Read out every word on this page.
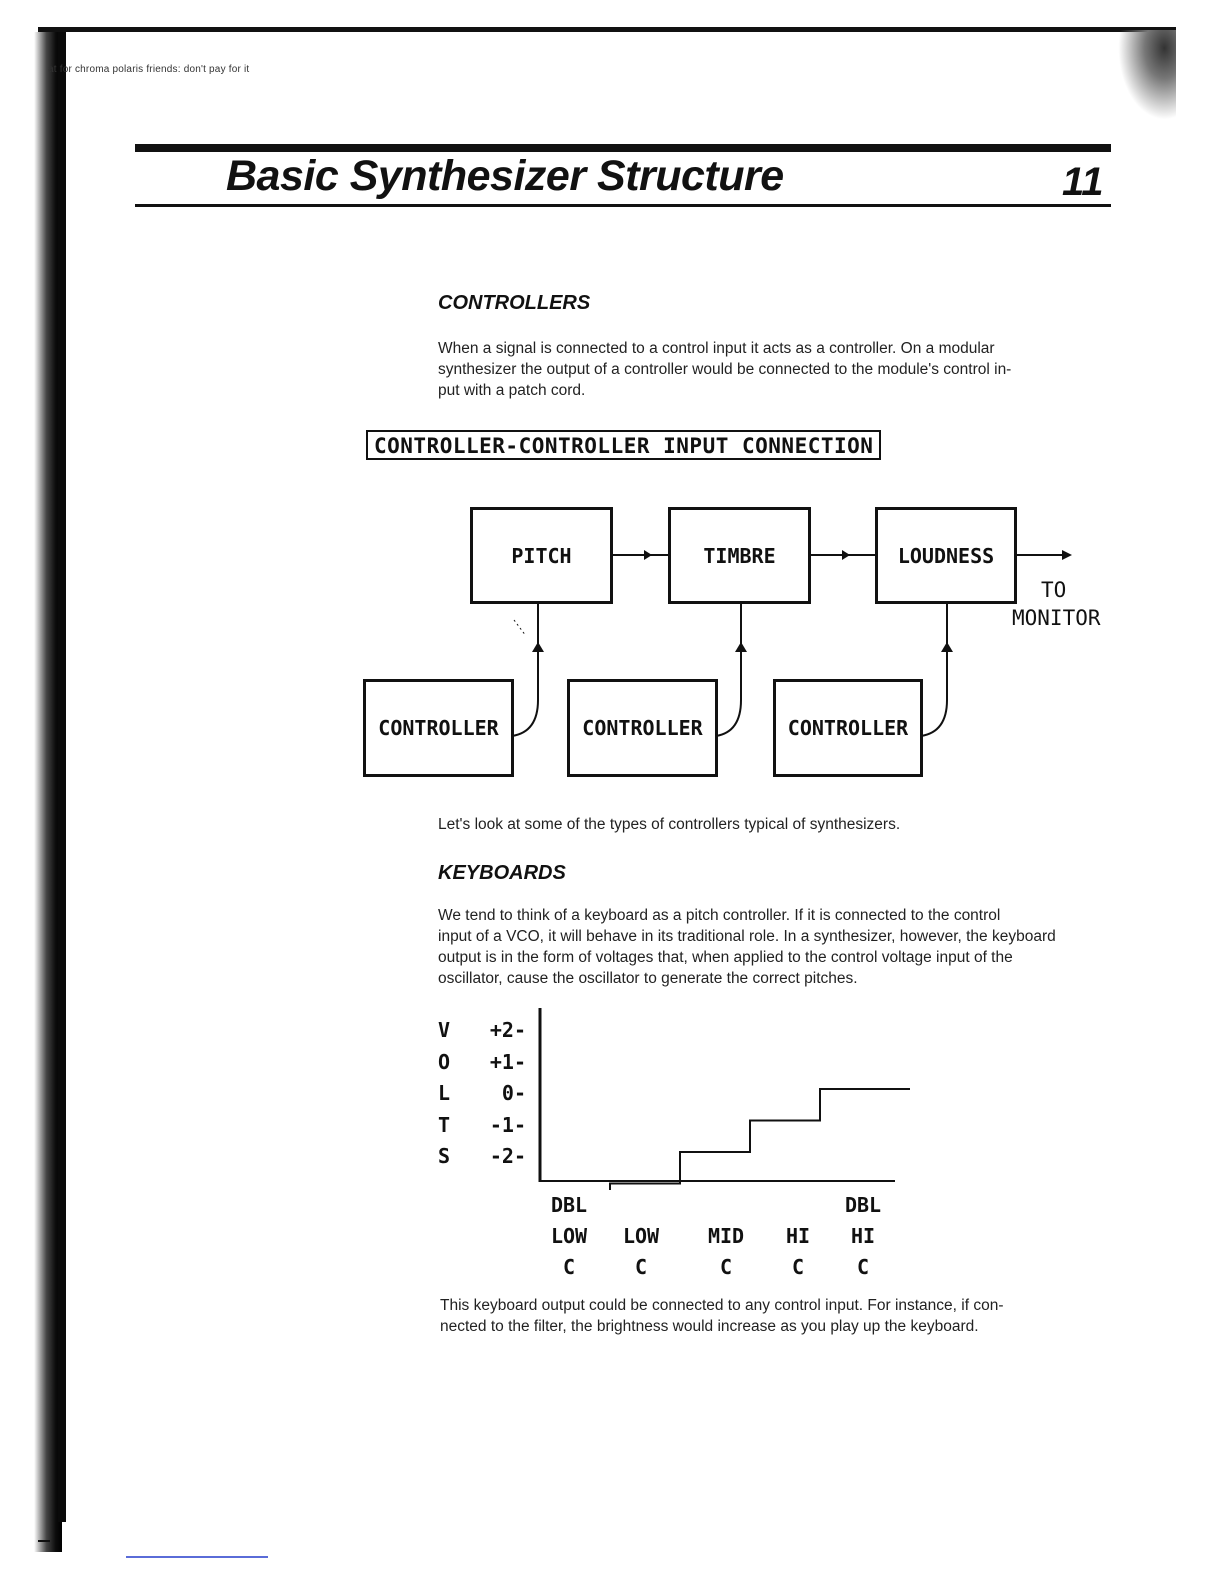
at for chroma polaris friends: don't pay for it
Basic Synthesizer Structure	11
CONTROLLERS
When a signal is connected to a control input it acts as a controller. On a modular
synthesizer the output of a controller would be connected to the module's control in-
put with a patch cord.
CONTROLLER-CONTROLLER INPUT CONNECTION
PITCH	TIMBRE	LOUDNESS
TO
MONITOR
CONTROLLER	CONTROLLER	CONTROLLER
Let's look at some of the types of controllers typical of synthesizers.
KEYBOARDS
We tend to think of a keyboard as a pitch controller. If it is connected to the control
input of a VCO, it will behave in its traditional role. In a synthesizer, however, the keyboard
output is in the form of voltages that, when applied to the control voltage input of the
oscillator, cause the oscillator to generate the correct pitches.
V
O
L
T
S
+2-
+1-
0-
-1-
-2-
DBL
LOW
C
LOW
C
MID
C
HI
C
DBL
HI
C
This keyboard output could be connected to any control input. For instance, if con-
nected to the filter, the brightness would increase as you play up the keyboard.
